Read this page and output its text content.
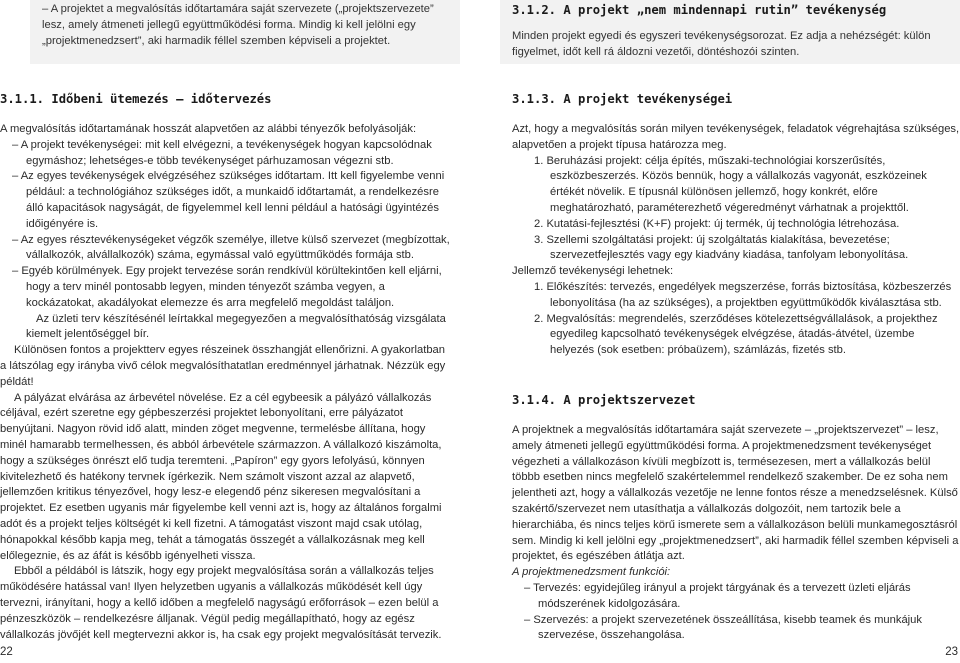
– A projektet a megvalósítás időtartamára saját szervezete („projektszervezete” lesz, amely átmeneti jellegű együttműködési forma. Mindig ki kell jelölni egy „projektmenedzsert”, aki harmadik féllel szemben képviseli a projektet.

3.1.2. A projekt „nem mindennapi rutin” tevékenység

Minden projekt egyedi és egyszeri tevékenységsorozat. Ez adja a nehézségét: külön figyelmet, időt kell rá áldozni vezetői, döntéshozói szinten.

3.1.1. Időbeni ütemezés – időtervezés

A megvalósítás időtartamának hosszát alapvetően az alábbi tényezők befolyásolják:

– A projekt tevékenységei: mit kell elvégezni, a tevékenységek hogyan kapcsolódnak egymáshoz; lehetséges-e több tevékenységet párhuzamosan végezni stb.

– Az egyes tevékenységek elvégzéséhez szükséges időtartam. Itt kell figyelembe venni például: a technológiához szükséges időt, a munkaidő időtartamát, a rendelkezésre álló kapacitások nagyságát, de figyelemmel kell lenni például a hatósági ügyintézés időigényére is.

– Az egyes résztevékenységeket végzők személye, illetve külső szervezet (megbízottak, vállalkozók, alvállalkozók) száma, egymással való együttműködés formája stb.

– Egyéb körülmények. Egy projekt tervezése során rendkívül körültekintően kell eljárni, hogy a terv minél pontosabb legyen, minden tényezőt számba vegyen, a kockázatokat, akadályokat elemezze és arra megfelelő megoldást találjon.

Az üzleti terv készítésénél leírtakkal megegyezően a megvalósíthatóság vizsgálata kiemelt jelentőséggel bír.

Különösen fontos a projektterv egyes részeinek összhangját ellenőrizni. A gyakorlatban a látszólag egy irányba vivő célok megvalósíthatatlan eredménnyel járhatnak. Nézzük egy példát!

A pályázat elvárása az árbevétel növelése. Ez a cél egybeesik a pályázó vállalkozás céljával, ezért szeretne egy gépbeszerzési projektet lebonyolítani, erre pályázatot benyújtani. Nagyon rövid idő alatt, minden zöget megvenne, termelésbe állítana, hogy minél hamarabb termelhessen, és abból árbevétele származzon. A vállalkozó kiszámolta, hogy a szükséges önrészt elő tudja teremteni. „Papíron” egy gyors lefolyású, könnyen kivitelezhető és hatékony tervnek ígérkezik. Nem számolt viszont azzal az alapvető, jellemzően kritikus tényezővel, hogy lesz-e elegendő pénz sikeresen megvalósítani a projektet. Ez esetben ugyanis már figyelembe kell venni azt is, hogy az általános forgalmi adót és a projekt teljes költségét ki kell fizetni. A támogatást viszont majd csak utólag, hónapokkal később kapja meg, tehát a támogatás összegét a vállalkozásnak meg kell előlegeznie, és az áfát is később igényelheti vissza.

Ebből a példából is látszik, hogy egy projekt megvalósítása során a vállalkozás teljes működésére hatással van! Ilyen helyzetben ugyanis a vállalkozás működését kell úgy tervezni, irányítani, hogy a kellő időben a megfelelő nagyságú erőforrások – ezen belül a pénzeszközök – rendelkezésre álljanak. Végül pedig megállapítható, hogy az egész vállalkozás jövőjét kell megtervezni akkor is, ha csak egy projekt megvalósítását tervezik.

3.1.3. A projekt tevékenységei

Azt, hogy a megvalósítás során milyen tevékenységek, feladatok végrehajtása szükséges, alapvetően a projekt típusa határozza meg.

1. Beruházási projekt: célja építés, műszaki-technológiai korszerűsítés, eszközbeszerzés. Közös bennük, hogy a vállalkozás vagyonát, eszközeinek értékét növelik. E típusnál különösen jellemző, hogy konkrét, előre meghatározható, paraméterezhető végeredményt várhatnak a projekttől.

2. Kutatási-fejlesztési (K+F) projekt: új termék, új technológia létrehozása.

3. Szellemi szolgáltatási projekt: új szolgáltatás kialakítása, bevezetése; szervezetfejlesztés vagy egy kiadvány kiadása, tanfolyam lebonyolítása.

Jellemző tevékenységi lehetnek:

1. Előkészítés: tervezés, engedélyek megszerzése, forrás biztosítása, közbeszerzés lebonyolítása (ha az szükséges), a projektben együttműködők kiválasztása stb.

2. Megvalósítás: megrendelés, szerződéses kötelezettségvállalások, a projekthez egyedileg kapcsolható tevékenységek elvégzése, átadás-átvétel, üzembe helyezés (sok esetben: próbaüzem), számlázás, fizetés stb.

3.1.4. A projektszervezet

A projektnek a megvalósítás időtartamára saját szervezete – „projektszervezet” – lesz, amely átmeneti jellegű együttműködési forma. A projektmenedzsment tevékenységet végezheti a vállalkozáson kívüli megbízott is, termésezesen, mert a vállalkozás belül többb esetben nincs megfelelő szakértelemmel rendelkező szakember. De ez soha nem jelentheti azt, hogy a vállalkozás vezetője ne lenne fontos része a menedzselésnek. Külső szakértő/szervezet nem utasíthatja a vállalkozás dolgozóit, nem tartozik bele a hierarchiába, és nincs teljes körű ismerete sem a vállalkozáson belüli munkamegosztásról sem. Mindig ki kell jelölni egy „projektmenedzsert”, aki harmadik féllel szemben képviseli a projektet, és egészében átlátja azt.

A projektmenedzsment funkciói:

– Tervezés: egyidejűleg irányul a projekt tárgyának és a tervezett üzleti eljárás módszerének kidolgozására.

– Szervezés: a projekt szervezetének összeállítása, kisebb teamek és munkájuk szervezése, összehangolása.

22	23
